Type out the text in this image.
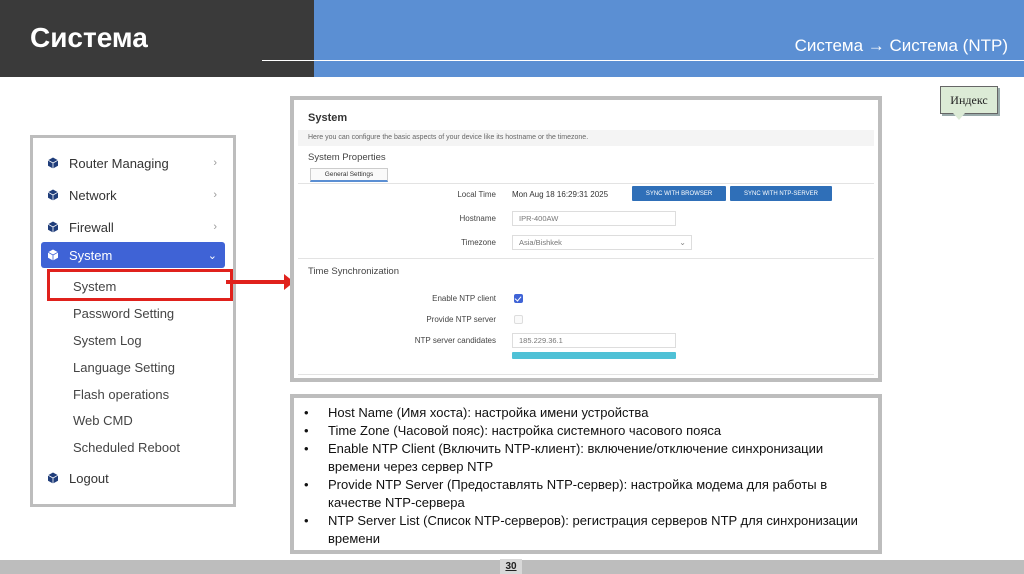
Система	Система → Система (NTP)
Индекс
Router Managing	›
Network	›
Firewall	›
System	⌄
System
Password Setting
System Log
Language Setting
Flash operations
Web CMD
Scheduled Reboot
Logout
System
Here you can configure the basic aspects of your device like its hostname or the timezone.
System Properties
General Settings
Local Time Mon Aug 18 16:29:31 2025	SYNC WITH BROWSER	SYNC WITH NTP-SERVER
Hostname	IPR-400AW
Timezone	Asia/Bishkek	⌄
Time Synchronization
Enable NTP client
Provide NTP server
NTP server candidates	185.229.36.1
• Host Name (Имя хоста): настройка имени устройства
• Time Zone (Часовой пояс): настройка системного часового пояса
• Enable NTP Client (Включить NTP-клиент): включение/отключение синхронизации времени через сервер NTP
• Provide NTP Server (Предоставлять NTP-сервер): настройка модема для работы в качестве NTP-сервера
• NTP Server List (Список NTP-серверов): регистрация серверов NTP для синхронизации времени
30
